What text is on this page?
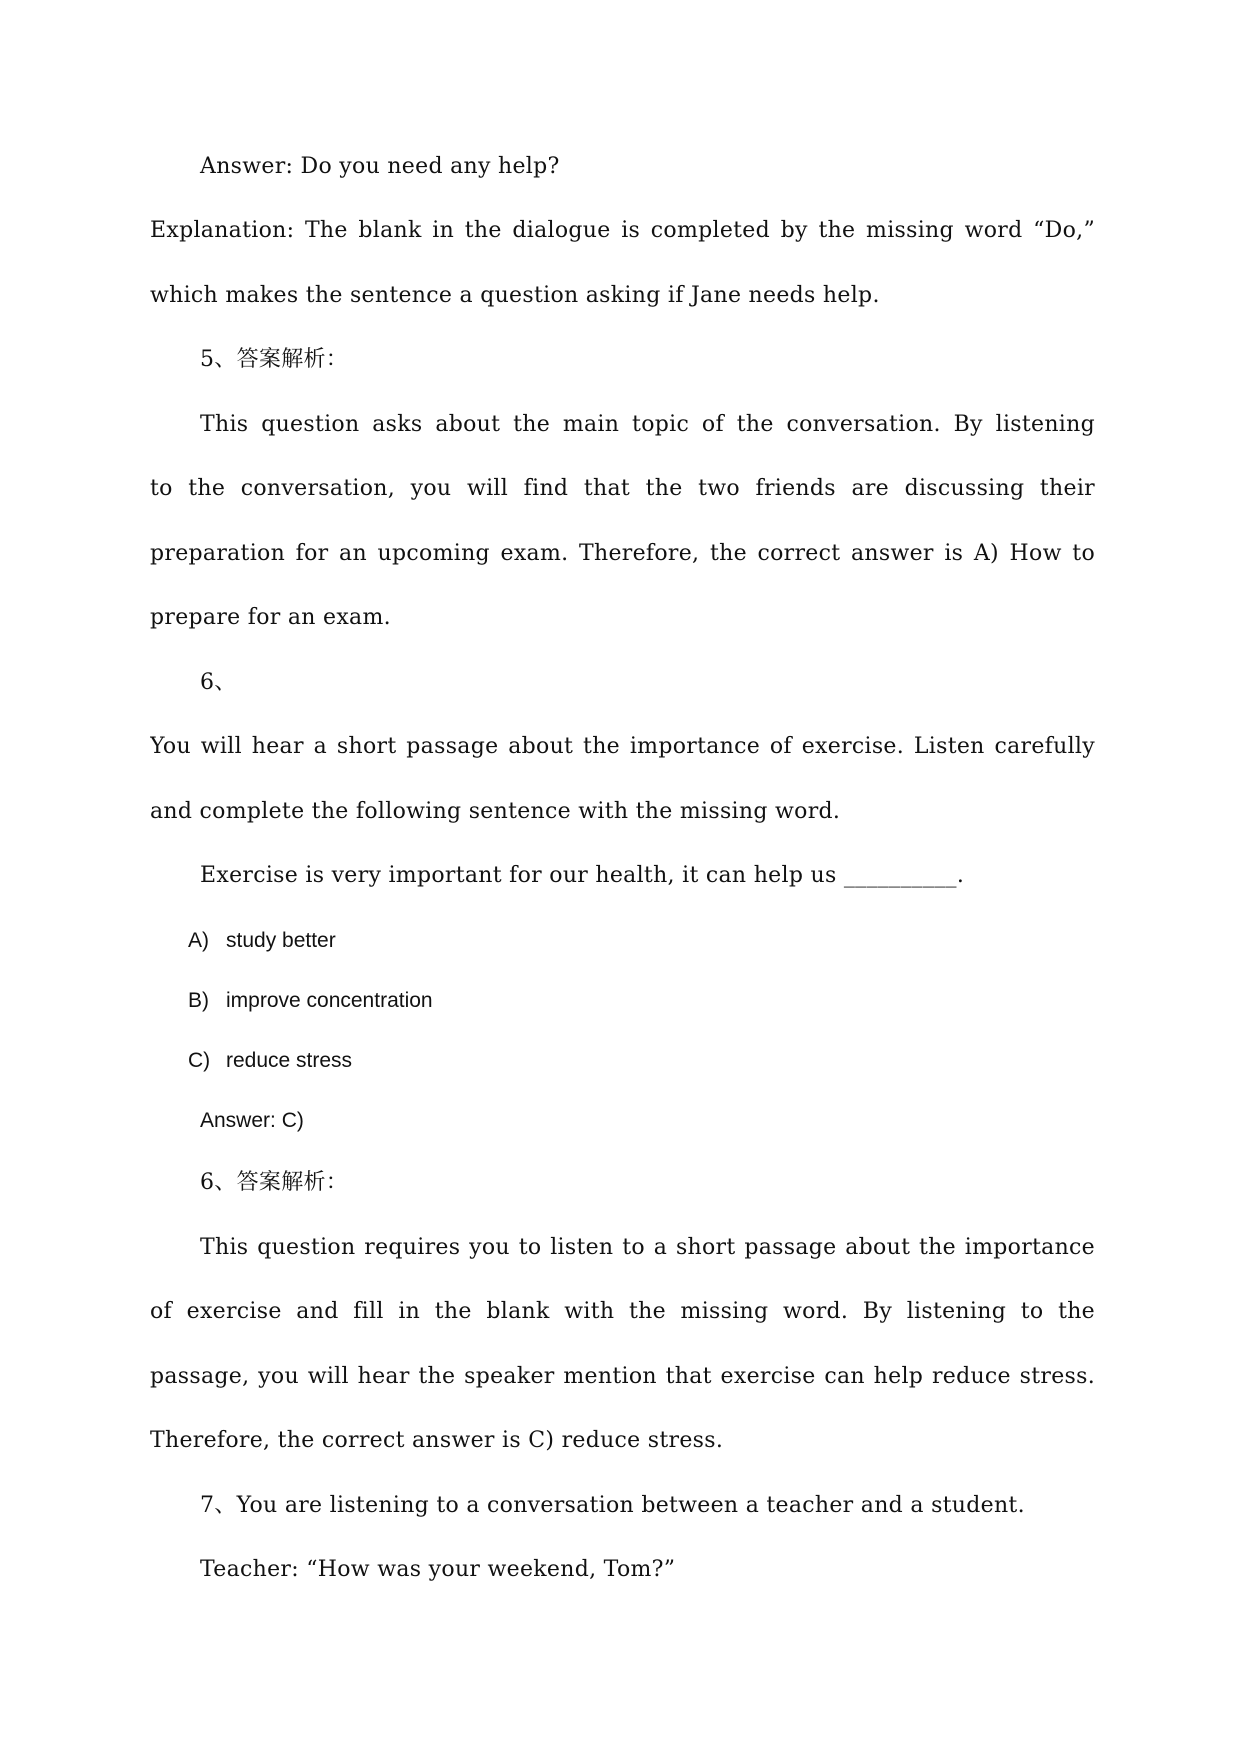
Answer: Do you need any help?
Explanation: The blank in the dialogue is completed by the missing word “Do,”
which makes the sentence a question asking if Jane needs help.
5、答案解析：
This question asks about the main topic of the conversation. By listening
to the conversation, you will find that the two friends are discussing their
preparation for an upcoming exam. Therefore, the correct answer is A) How to
prepare for an exam.
6、
You will hear a short passage about the importance of exercise. Listen carefully
and complete the following sentence with the missing word.
Exercise is very important for our health, it can help us __________.
A) study better
B) improve concentration
C) reduce stress
Answer: C)
6、答案解析：
This question requires you to listen to a short passage about the importance
of exercise and fill in the blank with the missing word. By listening to the
passage, you will hear the speaker mention that exercise can help reduce stress.
Therefore, the correct answer is C) reduce stress.
7、You are listening to a conversation between a teacher and a student.
Teacher: “How was your weekend, Tom?”
